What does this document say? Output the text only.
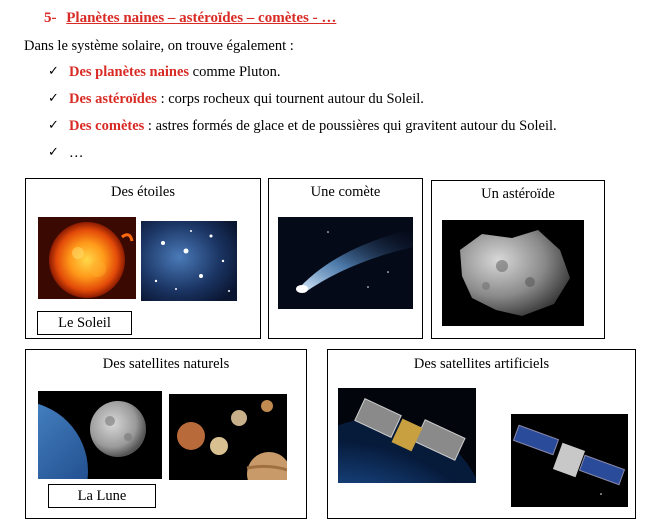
5- Planètes naines – astéroïdes – comètes - …
Dans le système solaire, on trouve également :
✓ Des planètes naines comme Pluton.
✓ Des astéroïdes : corps rocheux qui tournent autour du Soleil.
✓ Des comètes : astres formés de glace et de poussières qui gravitent autour du Soleil.
✓ …
Des étoiles
Le Soleil
Une comète	Un astéroïde
Des satellites naturels
La Lune
Des satellites artificiels
